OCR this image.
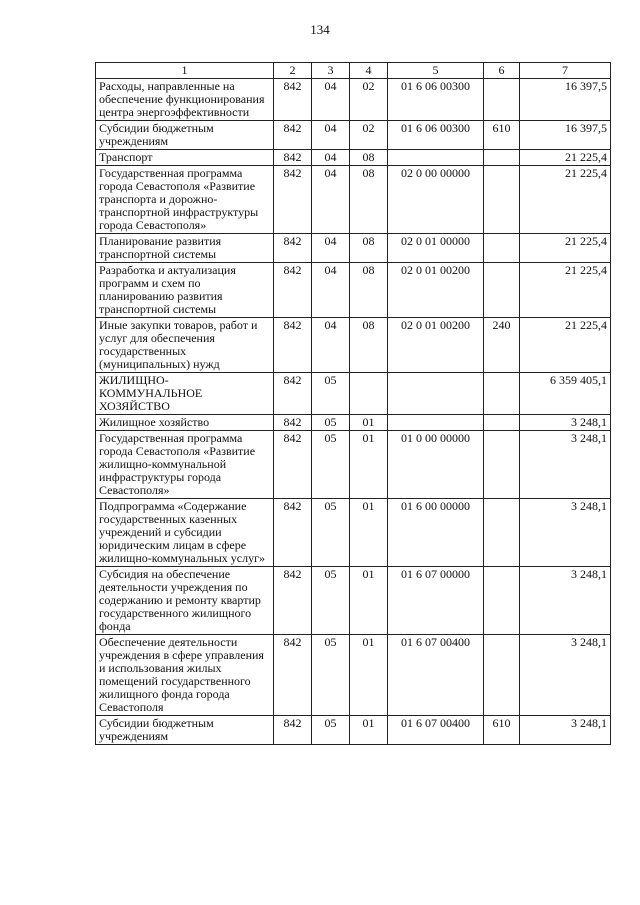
134
1	2	3	4	5	6	7
Расходы, направленные на обеспечение функционирования центра энергоэффективности	842	04	02	01 6 06 00300		16 397,5
Субсидии бюджетным учреждениям	842	04	02	01 6 06 00300	610	16 397,5
Транспорт	842	04	08			21 225,4
Государственная программа города Севастополя «Развитие транспорта и дорожно-транспортной инфраструктуры города Севастополя»	842	04	08	02 0 00 00000		21 225,4
Планирование развития транспортной системы	842	04	08	02 0 01 00000		21 225,4
Разработка и актуализация программ и схем по планированию развития транспортной системы	842	04	08	02 0 01 00200		21 225,4
Иные закупки товаров, работ и услуг для обеспечения государственных (муниципальных) нужд	842	04	08	02 0 01 00200	240	21 225,4
ЖИЛИЩНО-КОММУНАЛЬНОЕ ХОЗЯЙСТВО	842	05				6 359 405,1
Жилищное хозяйство	842	05	01			3 248,1
Государственная программа города Севастополя «Развитие жилищно-коммунальной инфраструктуры города Севастополя»	842	05	01	01 0 00 00000		3 248,1
Подпрограмма «Содержание государственных казенных учреждений и субсидии юридическим лицам в сфере жилищно-коммунальных услуг»	842	05	01	01 6 00 00000		3 248,1
Субсидия на обеспечение деятельности учреждения по содержанию и ремонту квартир государственного жилищного фонда	842	05	01	01 6 07 00000		3 248,1
Обеспечение деятельности учреждения в сфере управления и использования жилых помещений государственного жилищного фонда города Севастополя	842	05	01	01 6 07 00400		3 248,1
Субсидии бюджетным учреждениям	842	05	01	01 6 07 00400	610	3 248,1
